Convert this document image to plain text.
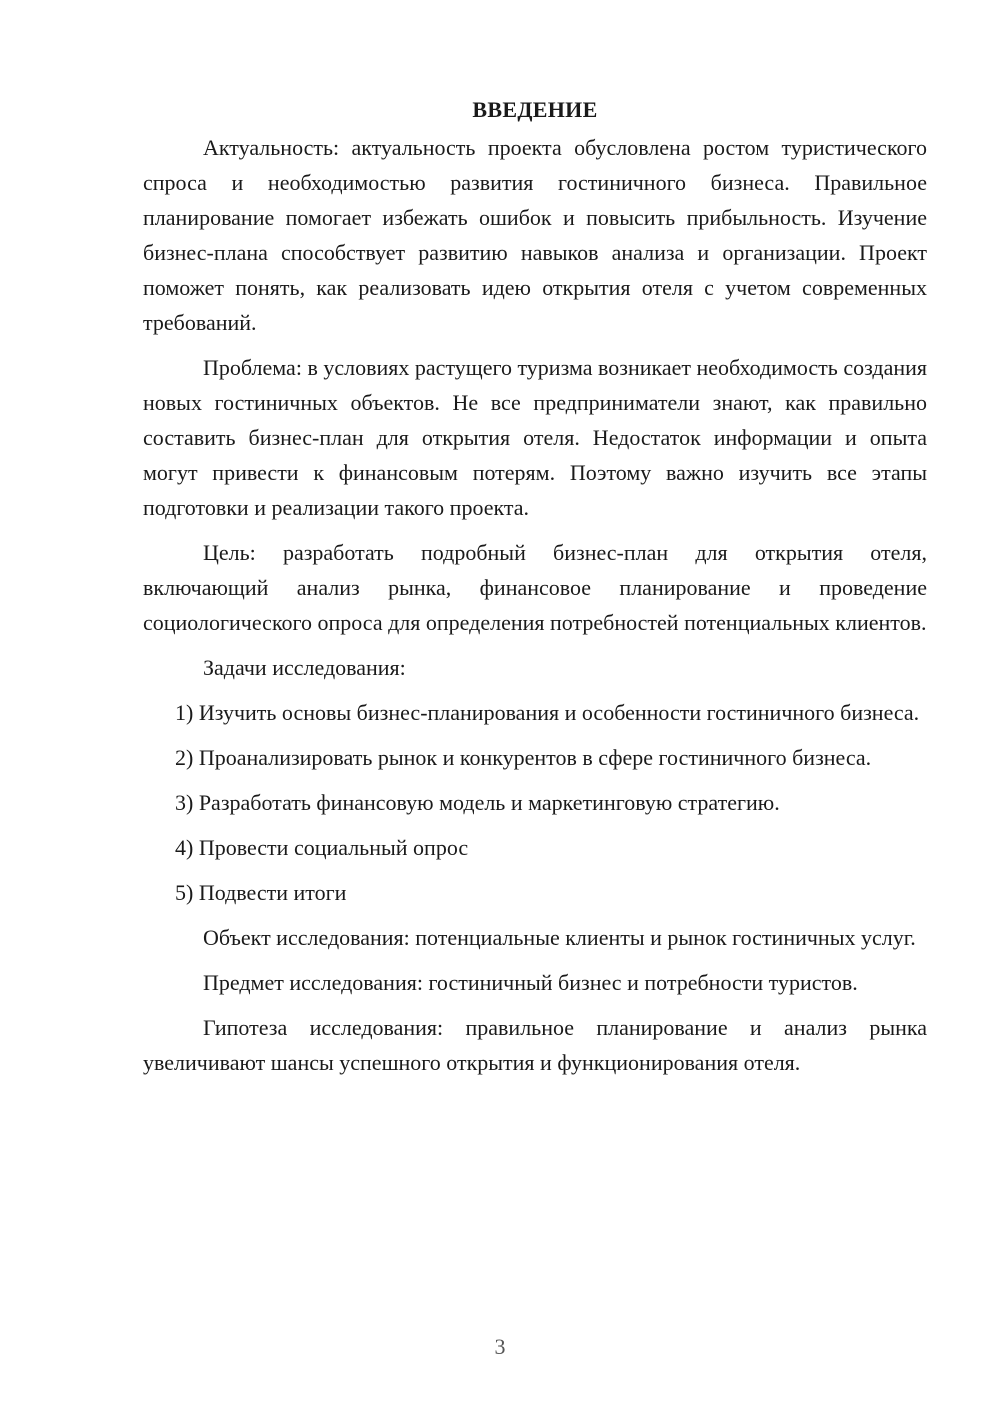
ВВЕДЕНИЕ

Актуальность: актуальность проекта обусловлена ростом туристического спроса и необходимостью развития гостиничного бизнеса. Правильное планирование помогает избежать ошибок и повысить прибыльность. Изучение бизнес-плана способствует развитию навыков анализа и организации. Проект поможет понять, как реализовать идею открытия отеля с учетом современных требований.

Проблема: в условиях растущего туризма возникает необходимость создания новых гостиничных объектов. Не все предприниматели знают, как правильно составить бизнес-план для открытия отеля. Недостаток информации и опыта могут привести к финансовым потерям. Поэтому важно изучить все этапы подготовки и реализации такого проекта.

Цель: разработать подробный бизнес-план для открытия отеля, включающий анализ рынка, финансовое планирование и проведение социологического опроса для определения потребностей потенциальных клиентов.

Задачи исследования:

1) Изучить основы бизнес-планирования и особенности гостиничного бизнеса.

2) Проанализировать рынок и конкурентов в сфере гостиничного бизнеса.

3) Разработать финансовую модель и маркетинговую стратегию.

4) Провести социальный опрос

5) Подвести итоги

Объект исследования: потенциальные клиенты и рынок гостиничных услуг.

Предмет исследования: гостиничный бизнес и потребности туристов.

Гипотеза исследования: правильное планирование и анализ рынка увеличивают шансы успешного открытия и функционирования отеля.

3
